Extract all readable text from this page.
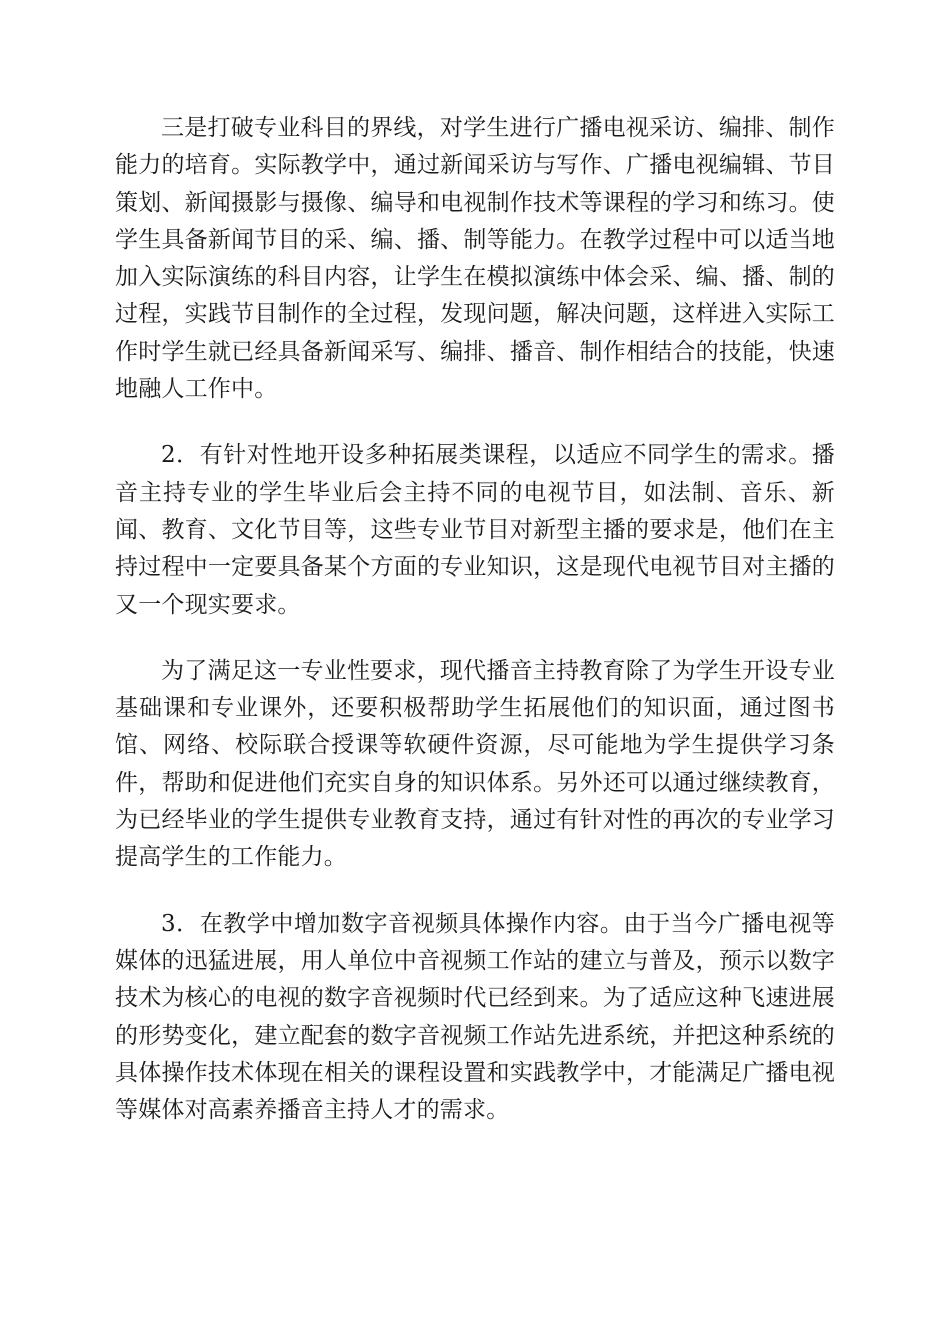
三是打破专业科目的界线，对学生进行广播电视采访、编排、制作能力的培育。实际教学中，通过新闻采访与写作、广播电视编辑、节目策划、新闻摄影与摄像、编导和电视制作技术等课程的学习和练习。使学生具备新闻节目的采、编、播、制等能力。在教学过程中可以适当地加入实际演练的科目内容，让学生在模拟演练中体会采、编、播、制的过程，实践节目制作的全过程，发现问题，解决问题，这样进入实际工作时学生就已经具备新闻采写、编排、播音、制作相结合的技能，快速地融人工作中。

2．有针对性地开设多种拓展类课程，以适应不同学生的需求。播音主持专业的学生毕业后会主持不同的电视节目，如法制、音乐、新闻、教育、文化节目等，这些专业节目对新型主播的要求是，他们在主持过程中一定要具备某个方面的专业知识，这是现代电视节目对主播的又一个现实要求。

为了满足这一专业性要求，现代播音主持教育除了为学生开设专业基础课和专业课外，还要积极帮助学生拓展他们的知识面，通过图书馆、网络、校际联合授课等软硬件资源，尽可能地为学生提供学习条件，帮助和促进他们充实自身的知识体系。另外还可以通过继续教育，为已经毕业的学生提供专业教育支持，通过有针对性的再次的专业学习提高学生的工作能力。

3．在教学中增加数字音视频具体操作内容。由于当今广播电视等媒体的迅猛进展，用人单位中音视频工作站的建立与普及，预示以数字技术为核心的电视的数字音视频时代已经到来。为了适应这种飞速进展的形势变化，建立配套的数字音视频工作站先进系统，并把这种系统的具体操作技术体现在相关的课程设置和实践教学中，才能满足广播电视等媒体对高素养播音主持人才的需求。
